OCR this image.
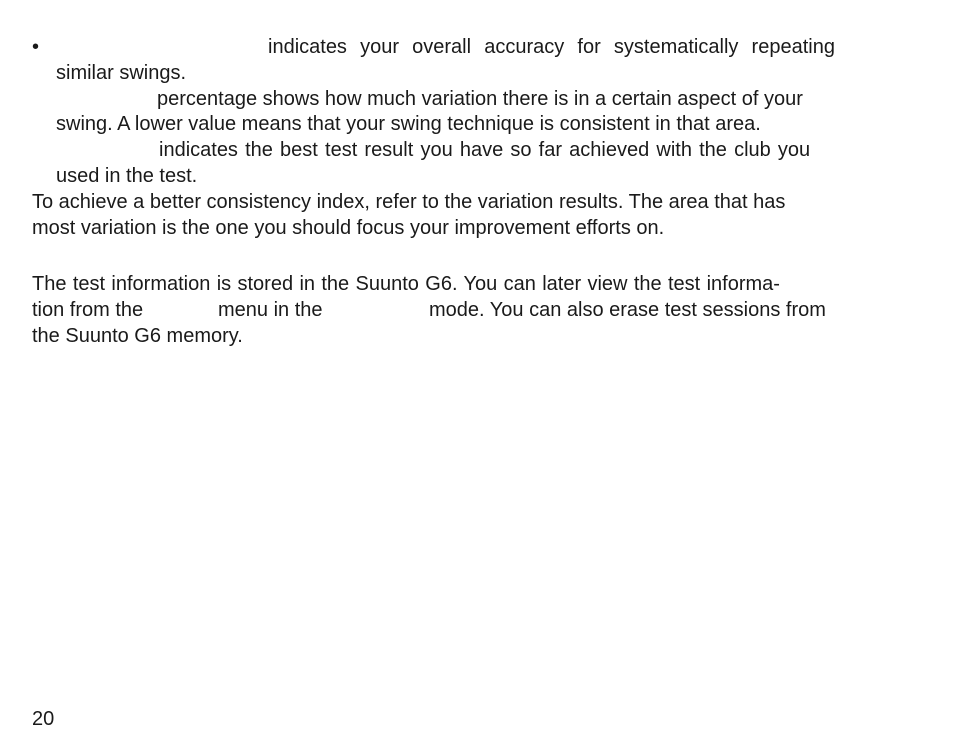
•	indicates your overall accuracy for systematically repeating
similar swings.
percentage shows how much variation there is in a certain aspect of your
swing. A lower value means that your swing technique is consistent in that area.
indicates the best test result you have so far achieved with the club you
used in the test.
To achieve a better consistency index, refer to the variation results. The area that has
most variation is the one you should focus your improvement efforts on.
The test information is stored in the Suunto G6. You can later view the test informa-
tion from the	menu in the	mode. You can also erase test sessions from
the Suunto G6 memory.
20
